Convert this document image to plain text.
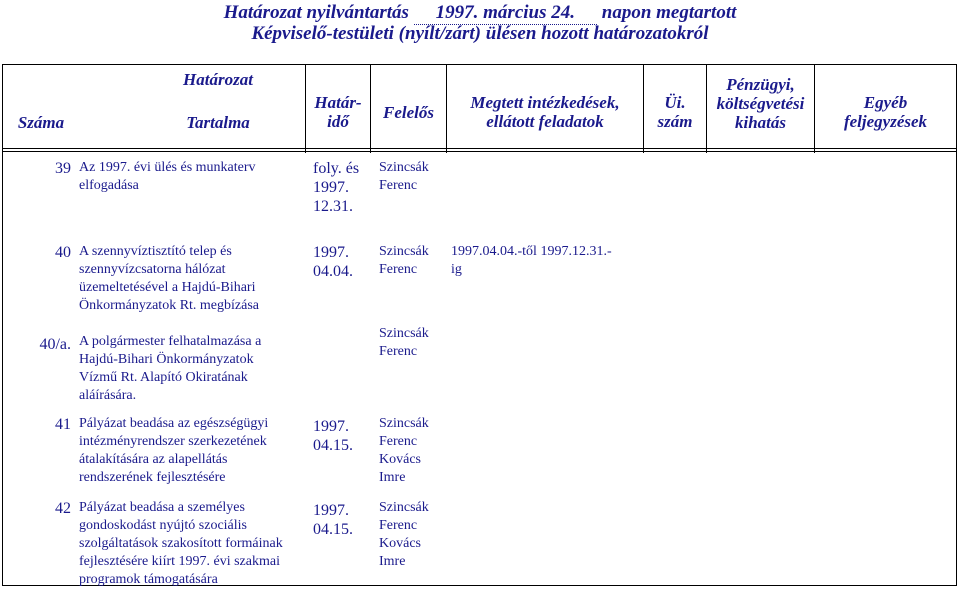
Határozat nyilvántartás 1997. március 24. napon megtartott
Képviselő-testületi (nyílt/zárt) ülésen hozott határozatokról
Határozat
Száma	Tartalma
Határ-
idő	Felelős
Megtett intézkedések,
ellátott feladatok
Üi.
szám
Pénzügyi,
költségvetési
kihatás
Egyéb
feljegyzések
39 Az 1997. évi ülés és munkaterv
elfogadása
foly. és
1997.
12.31.
Szincsák
Ferenc
40 A szennyvíztisztító telep és
szennyvízcsatorna hálózat
üzemeltetésével a Hajdú-Bihari
Önkormányzatok Rt. megbízása
1997.
04.04.
Szincsák
Ferenc
1997.04.04.-től 1997.12.31.-
ig
40/a. A polgármester felhatalmazása a
Hajdú-Bihari Önkormányzatok
Vízmű Rt. Alapító Okiratának
aláírására.
Szincsák
Ferenc
41 Pályázat beadása az egészségügyi
intézményrendszer szerkezetének
átalakítására az alapellátás
rendszerének fejlesztésére
1997.
04.15.
Szincsák
Ferenc
Kovács
Imre
42 Pályázat beadása a személyes
gondoskodást nyújtó szociális
szolgáltatások szakosított formáinak
fejlesztésére kiírt 1997. évi szakmai
programok támogatására
1997.
04.15.
Szincsák
Ferenc
Kovács
Imre
